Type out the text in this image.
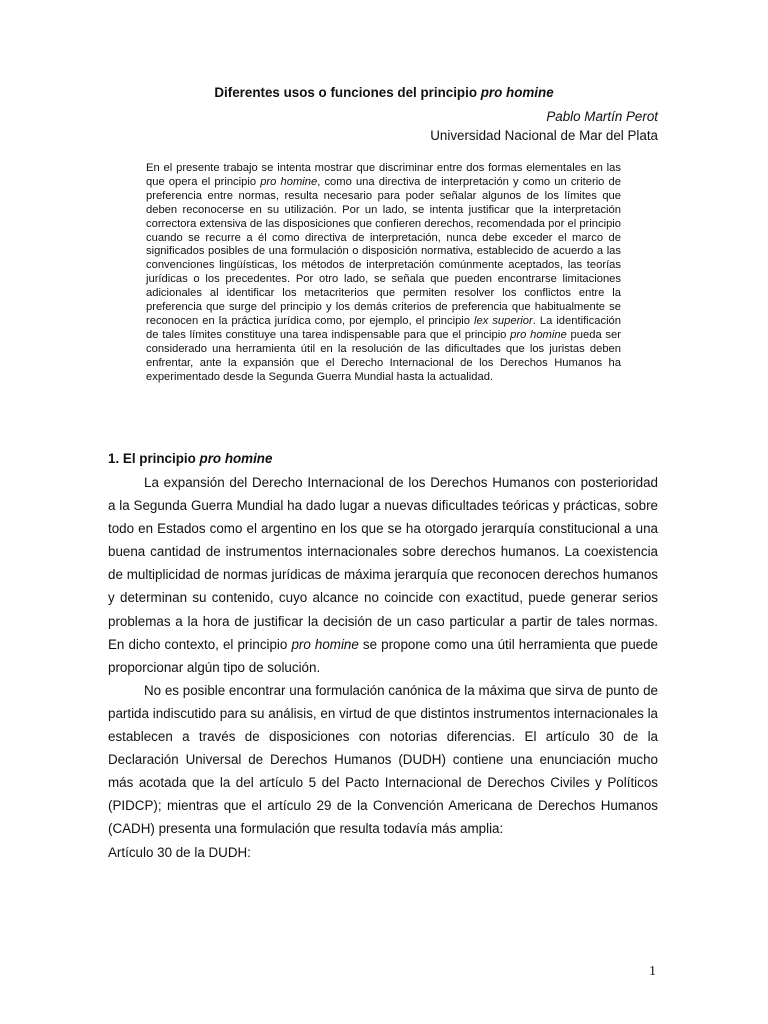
Diferentes usos o funciones del principio pro homine
Pablo Martín Perot
Universidad Nacional de Mar del Plata

En el presente trabajo se intenta mostrar que discriminar entre dos formas elementales en las que opera el principio pro homine, como una directiva de interpretación y como un criterio de preferencia entre normas, resulta necesario para poder señalar algunos de los límites que deben reconocerse en su utilización. Por un lado, se intenta justificar que la interpretación correctora extensiva de las disposiciones que confieren derechos, recomendada por el principio cuando se recurre a él como directiva de interpretación, nunca debe exceder el marco de significados posibles de una formulación o disposición normativa, establecido de acuerdo a las convenciones lingüísticas, los métodos de interpretación comúnmente aceptados, las teorías jurídicas o los precedentes. Por otro lado, se señala que pueden encontrarse limitaciones adicionales al identificar los metacriterios que permiten resolver los conflictos entre la preferencia que surge del principio y los demás criterios de preferencia que habitualmente se reconocen en la práctica jurídica como, por ejemplo, el principio lex superior. La identificación de tales límites constituye una tarea indispensable para que el principio pro homine pueda ser considerado una herramienta útil en la resolución de las dificultades que los juristas deben enfrentar, ante la expansión que el Derecho Internacional de los Derechos Humanos ha experimentado desde la Segunda Guerra Mundial hasta la actualidad.

1. El principio pro homine

La expansión del Derecho Internacional de los Derechos Humanos con posterioridad a la Segunda Guerra Mundial ha dado lugar a nuevas dificultades teóricas y prácticas, sobre todo en Estados como el argentino en los que se ha otorgado jerarquía constitucional a una buena cantidad de instrumentos internacionales sobre derechos humanos. La coexistencia de multiplicidad de normas jurídicas de máxima jerarquía que reconocen derechos humanos y determinan su contenido, cuyo alcance no coincide con exactitud, puede generar serios problemas a la hora de justificar la decisión de un caso particular a partir de tales normas. En dicho contexto, el principio pro homine se propone como una útil herramienta que puede proporcionar algún tipo de solución.

No es posible encontrar una formulación canónica de la máxima que sirva de punto de partida indiscutido para su análisis, en virtud de que distintos instrumentos internacionales la establecen a través de disposiciones con notorias diferencias. El artículo 30 de la Declaración Universal de Derechos Humanos (DUDH) contiene una enunciación mucho más acotada que la del artículo 5 del Pacto Internacional de Derechos Civiles y Políticos (PIDCP); mientras que el artículo 29 de la Convención Americana de Derechos Humanos (CADH) presenta una formulación que resulta todavía más amplia:

Artículo 30 de la DUDH:

1
